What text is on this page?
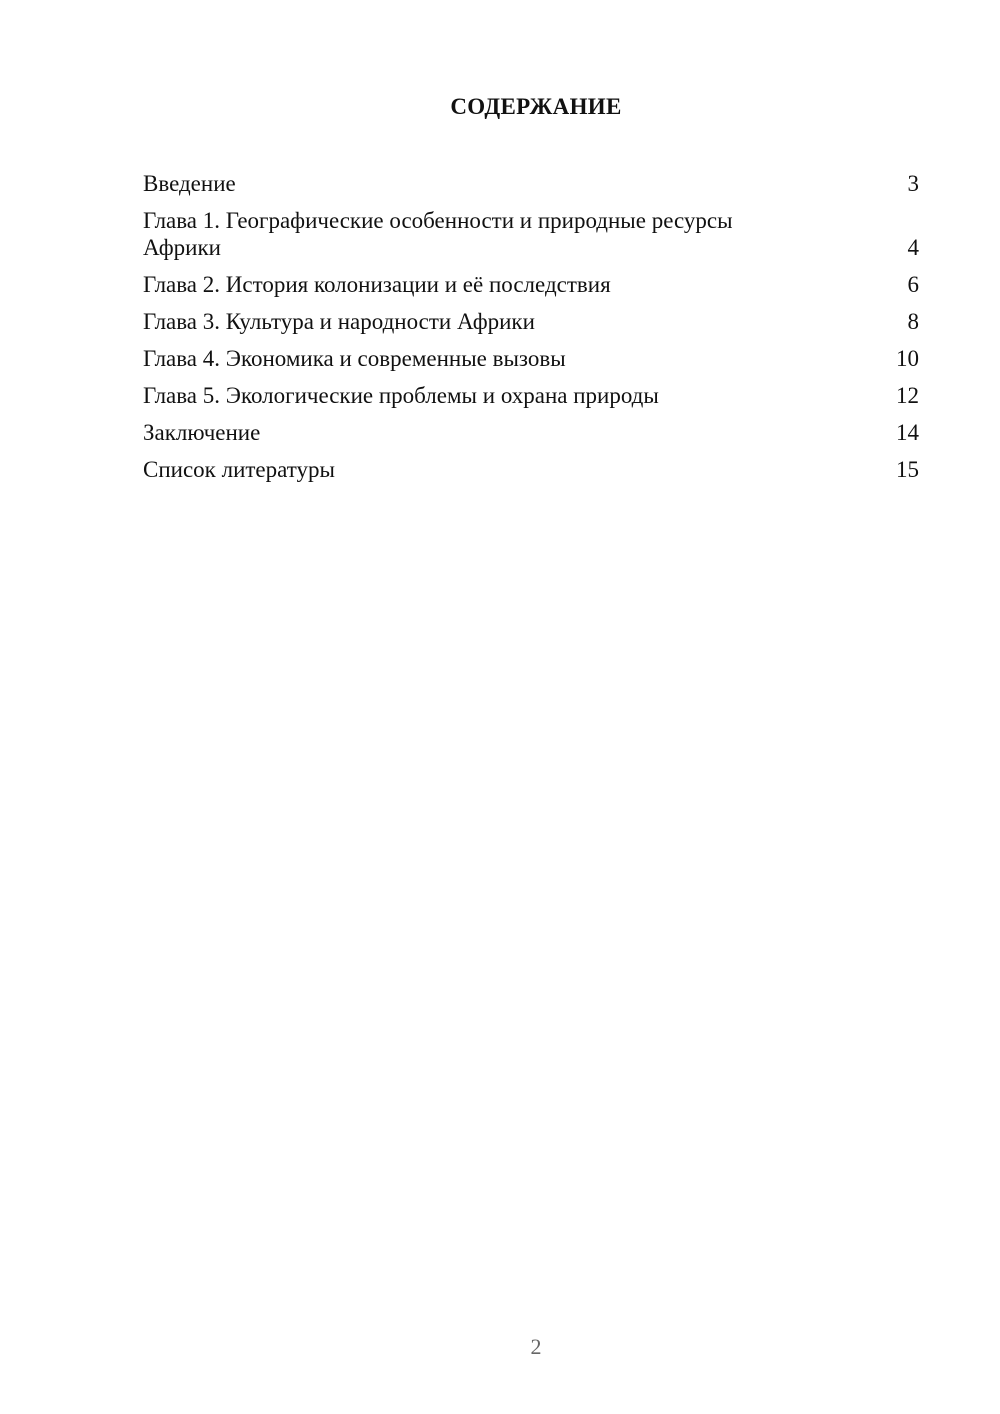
СОДЕРЖАНИЕ
Введение	3
Глава 1. Географические особенности и природные ресурсы Африки	4
Глава 2. История колонизации и её последствия	6
Глава 3. Культура и народности Африки	8
Глава 4. Экономика и современные вызовы	10
Глава 5. Экологические проблемы и охрана природы	12
Заключение	14
Список литературы	15
2
